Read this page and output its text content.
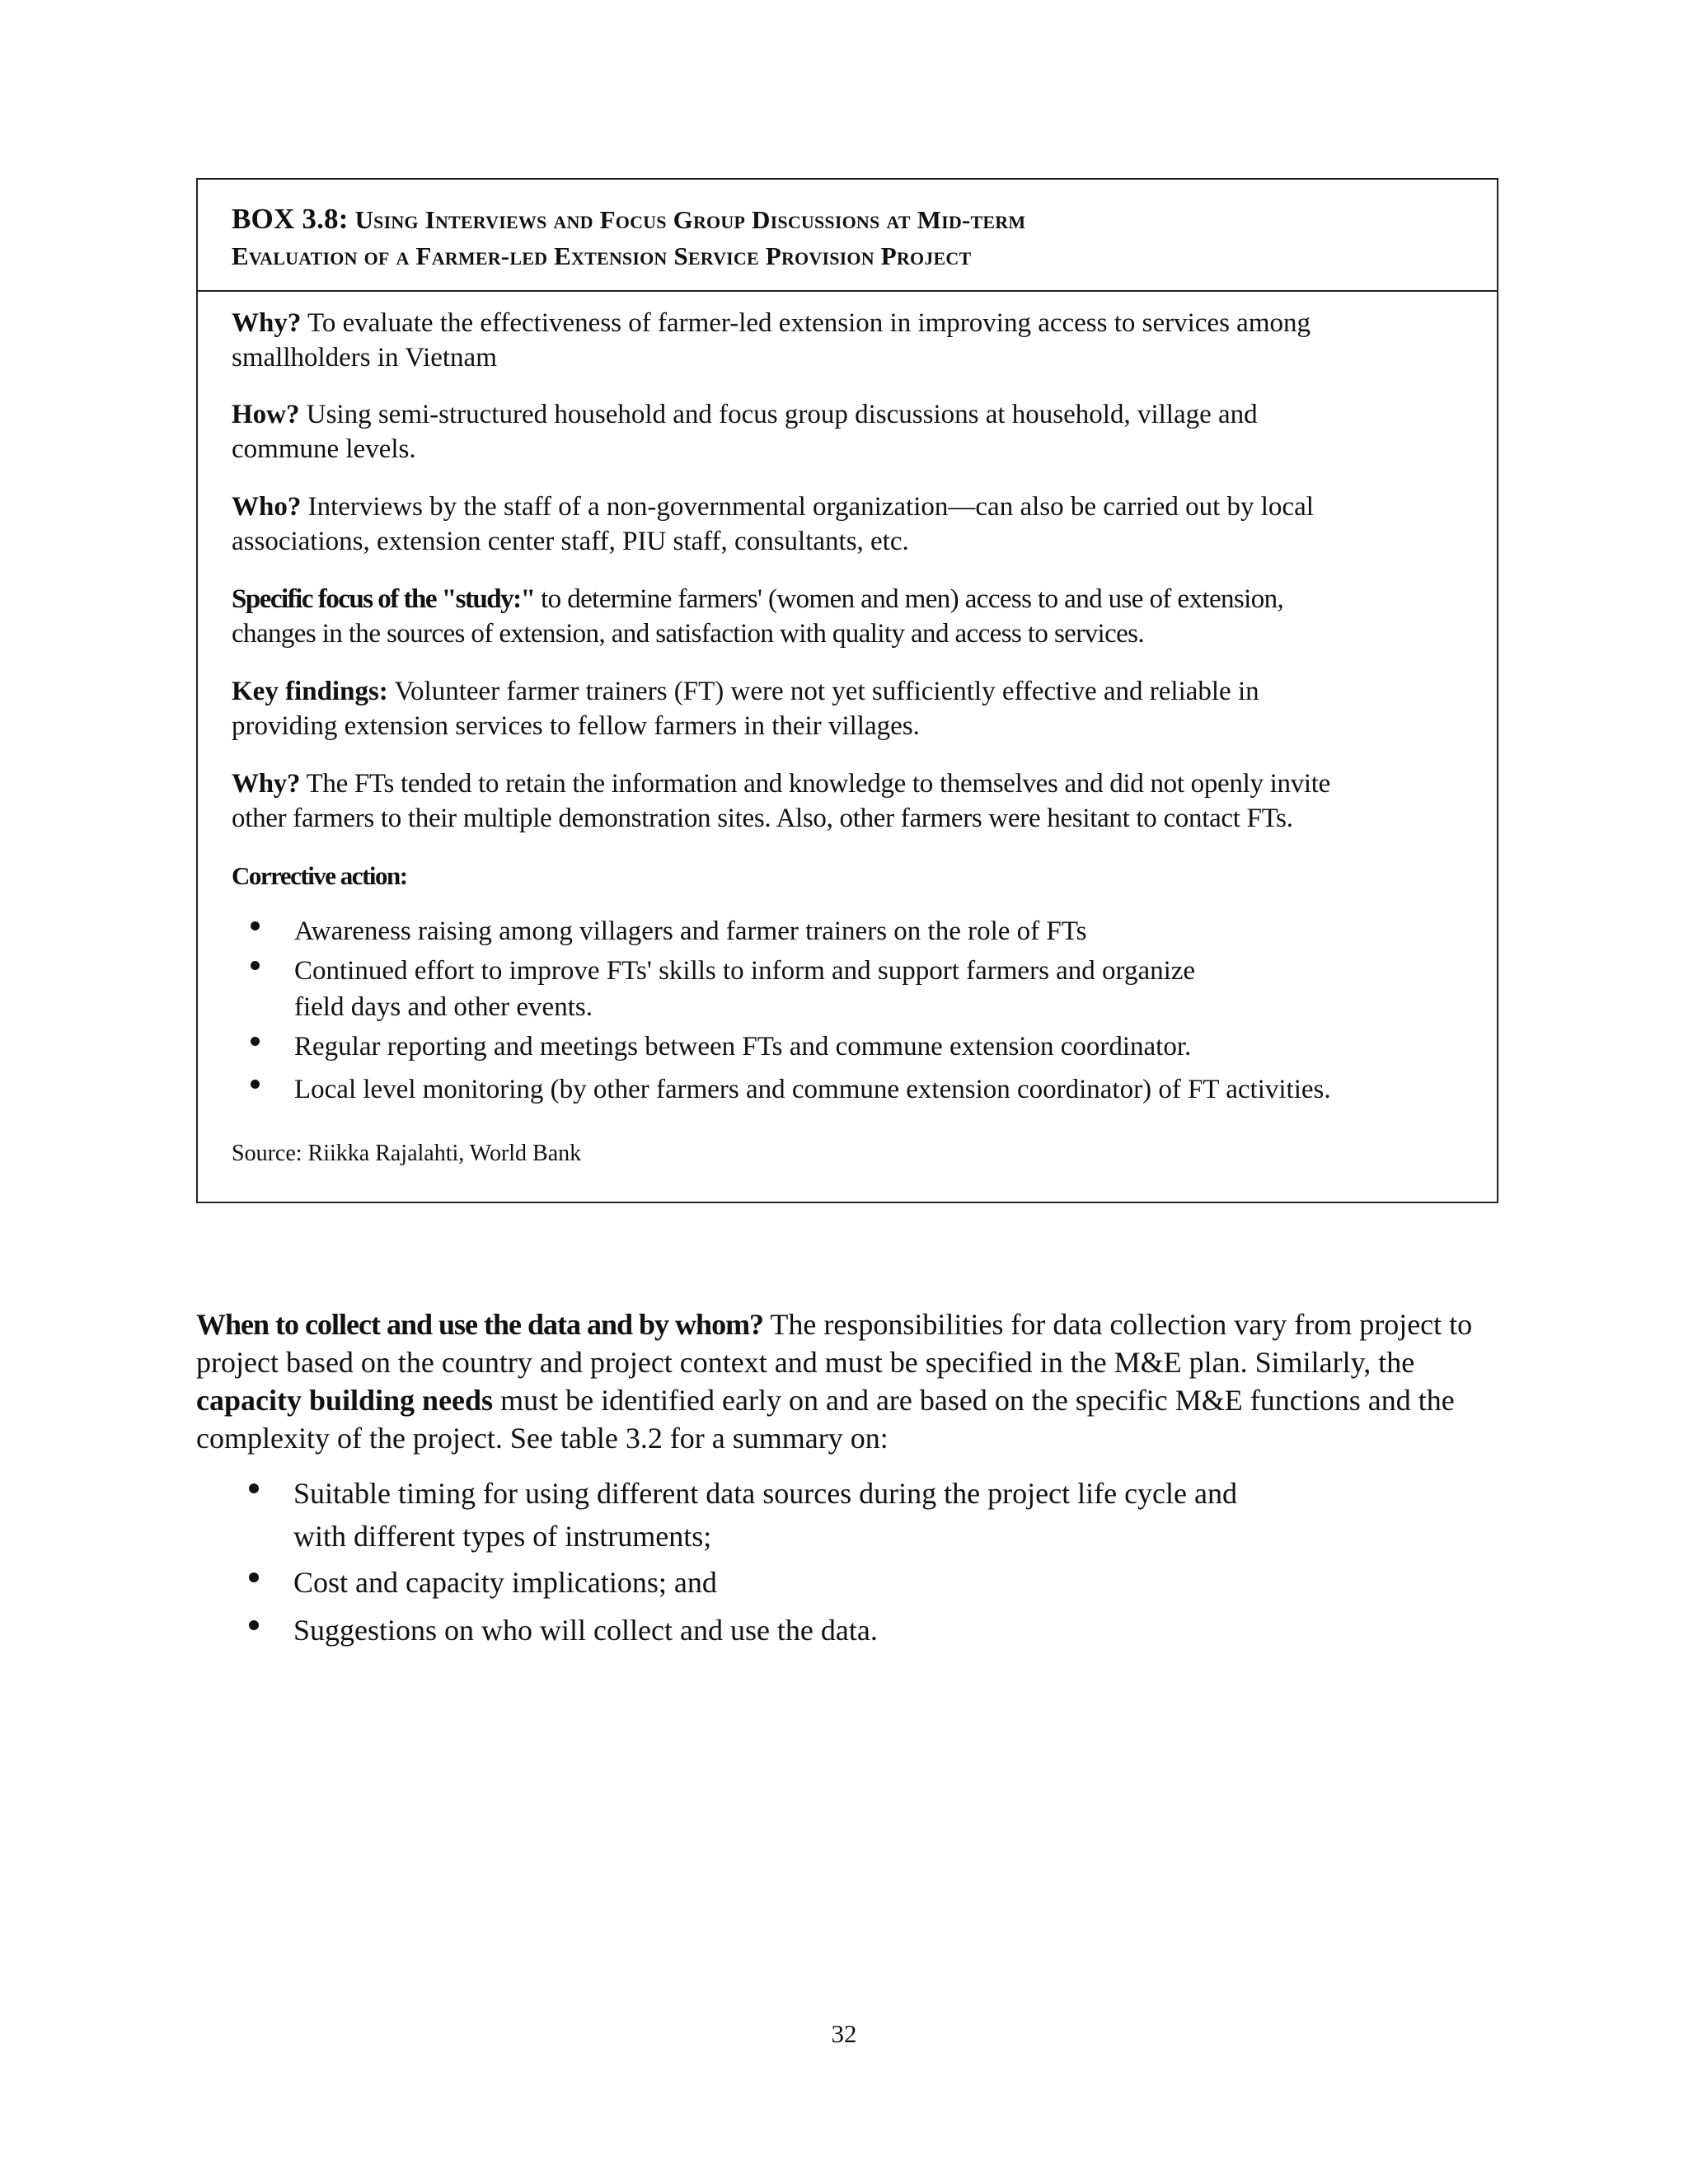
BOX 3.8: Using Interviews and Focus Group Discussions at Mid-term
Evaluation of a Farmer-led Extension Service Provision Project

Why? To evaluate the effectiveness of farmer-led extension in improving access to services among smallholders in Vietnam

How? Using semi-structured household and focus group discussions at household, village and commune levels.

Who? Interviews by the staff of a non-governmental organization—can also be carried out by local associations, extension center staff, PIU staff, consultants, etc.

Specific focus of the "study:" to determine farmers' (women and men) access to and use of extension, changes in the sources of extension, and satisfaction with quality and access to services.

Key findings: Volunteer farmer trainers (FT) were not yet sufficiently effective and reliable in providing extension services to fellow farmers in their villages.

Why? The FTs tended to retain the information and knowledge to themselves and did not openly invite other farmers to their multiple demonstration sites. Also, other farmers were hesitant to contact FTs.

Corrective action:

Awareness raising among villagers and farmer trainers on the role of FTs
Continued effort to improve FTs' skills to inform and support farmers and organize field days and other events.
Regular reporting and meetings between FTs and commune extension coordinator.
Local level monitoring (by other farmers and commune extension coordinator) of FT activities.

Source: Riikka Rajalahti, World Bank

When to collect and use the data and by whom? The responsibilities for data collection vary from project to project based on the country and project context and must be specified in the M&E plan. Similarly, the capacity building needs must be identified early on and are based on the specific M&E functions and the complexity of the project. See table 3.2 for a summary on:

Suitable timing for using different data sources during the project life cycle and with different types of instruments;
Cost and capacity implications; and
Suggestions on who will collect and use the data.
32
